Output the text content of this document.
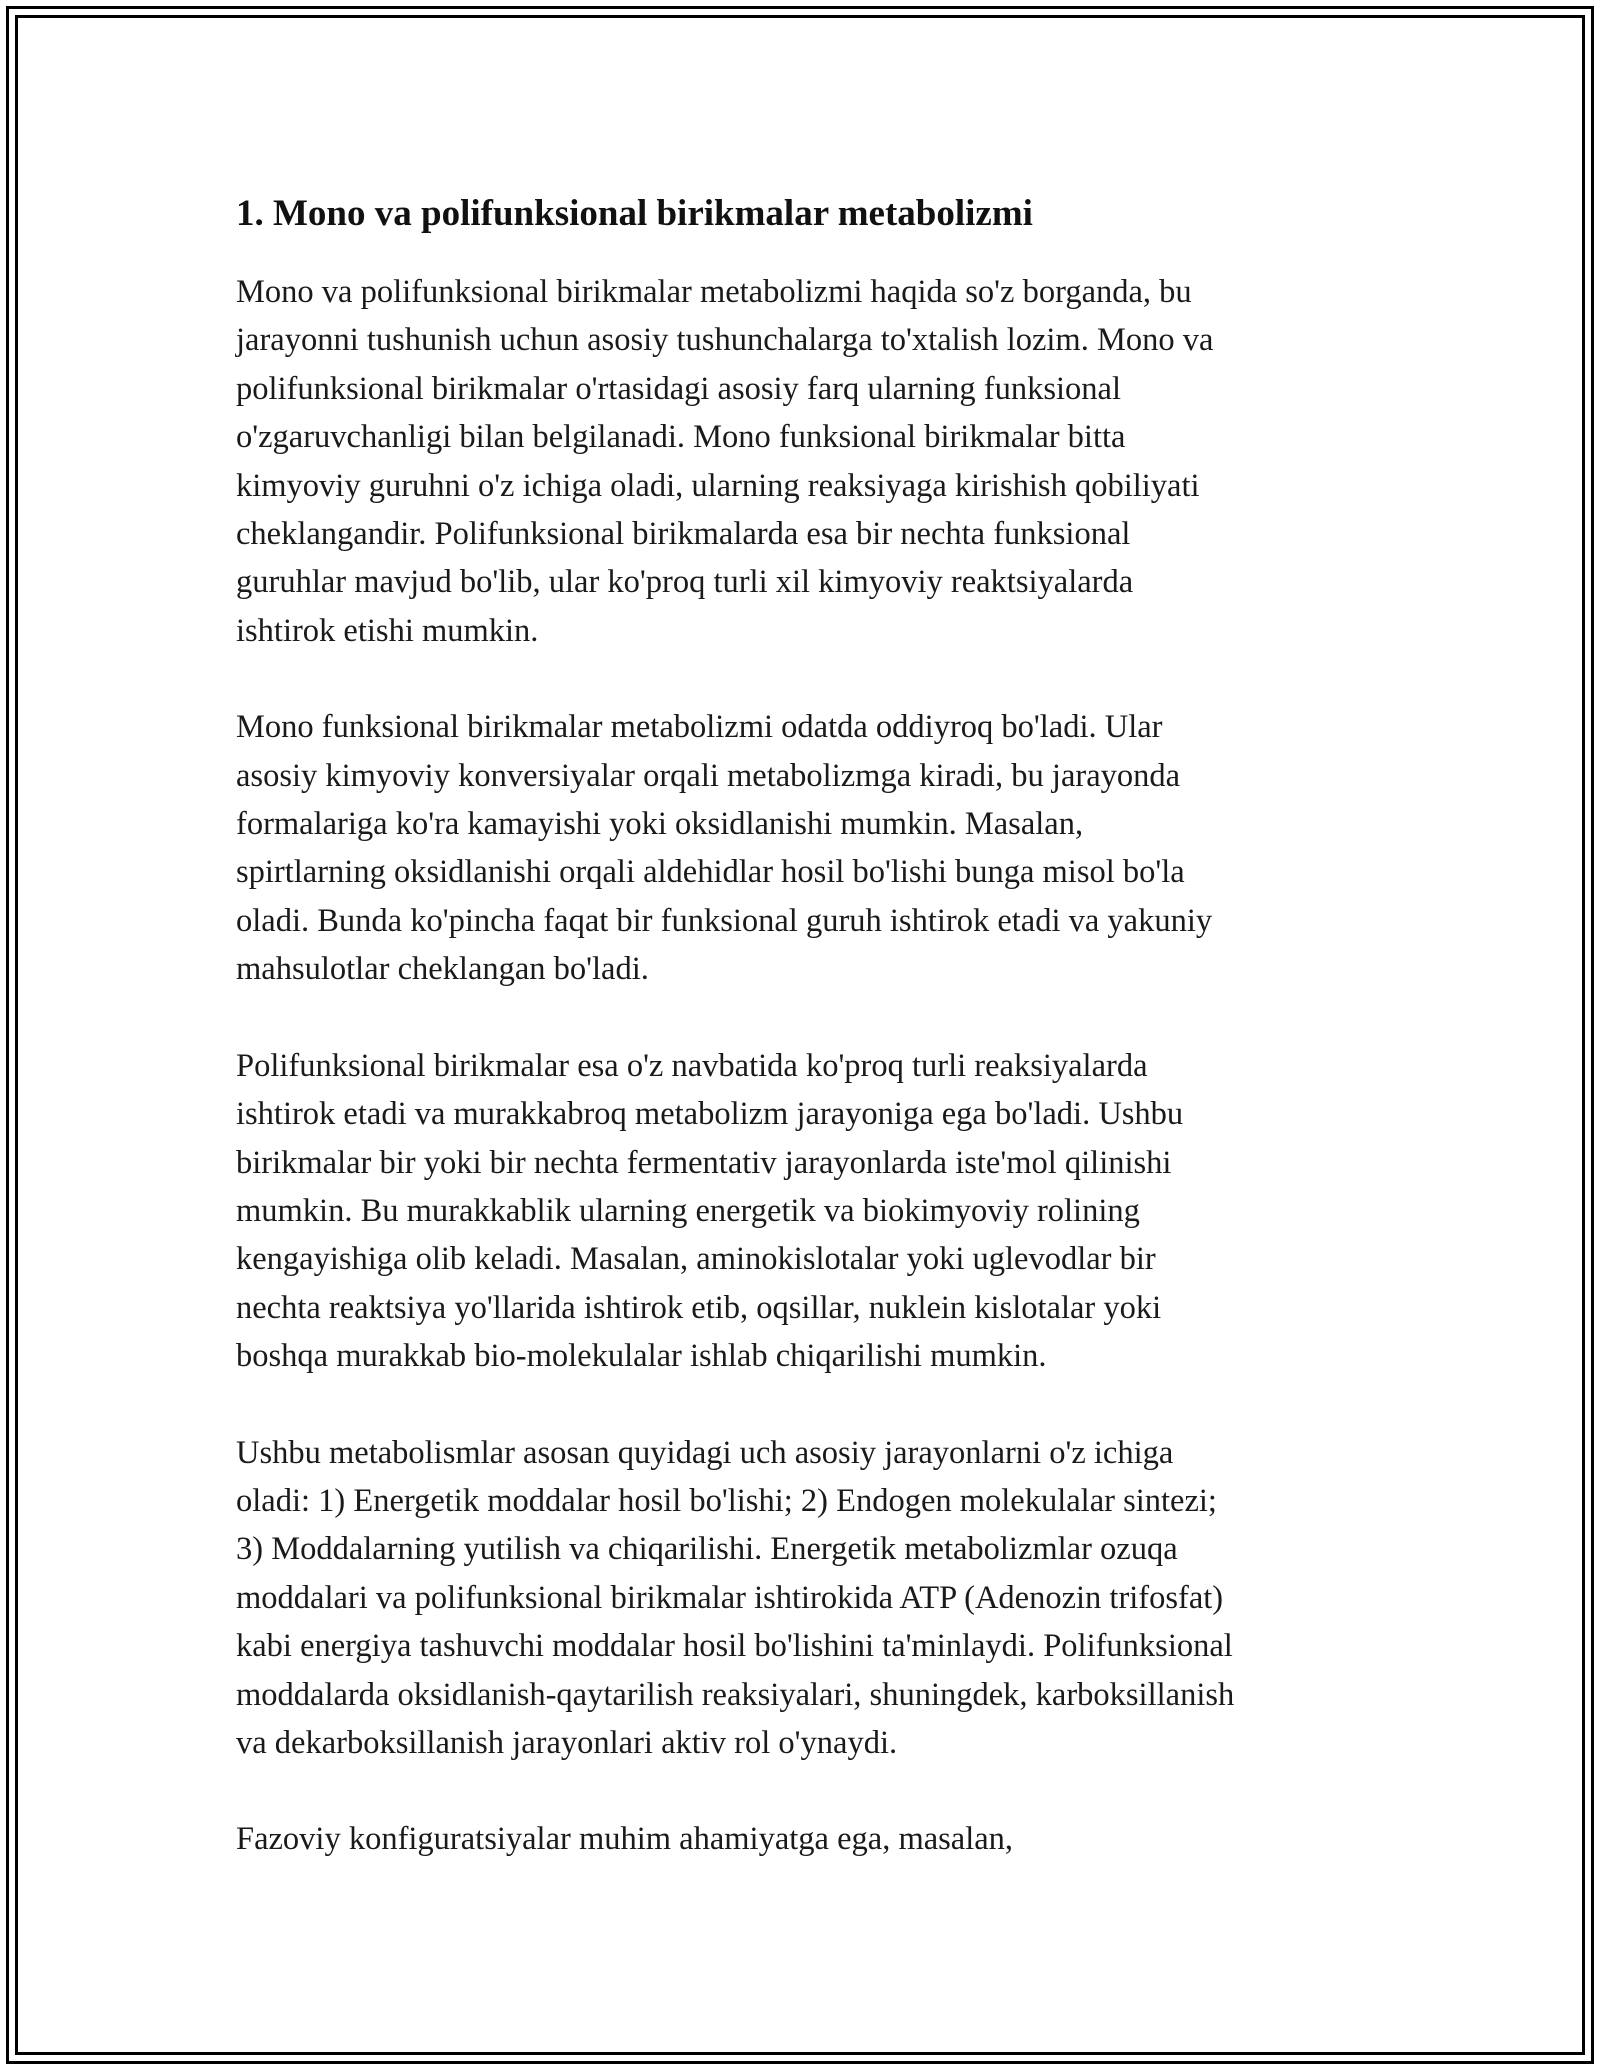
1. Mono va polifunksional birikmalar metabolizmi

Mono va polifunksional birikmalar metabolizmi haqida so'z borganda, bu
jarayonni tushunish uchun asosiy tushunchalarga to'xtalish lozim. Mono va
polifunksional birikmalar o'rtasidagi asosiy farq ularning funksional
o'zgaruvchanligi bilan belgilanadi. Mono funksional birikmalar bitta
kimyoviy guruhni o'z ichiga oladi, ularning reaksiyaga kirishish qobiliyati
cheklangandir. Polifunksional birikmalarda esa bir nechta funksional
guruhlar mavjud bo'lib, ular ko'proq turli xil kimyoviy reaktsiyalarda
ishtirok etishi mumkin.

Mono funksional birikmalar metabolizmi odatda oddiyroq bo'ladi. Ular
asosiy kimyoviy konversiyalar orqali metabolizmga kiradi, bu jarayonda
formalariga ko'ra kamayishi yoki oksidlanishi mumkin. Masalan,
spirtlarning oksidlanishi orqali aldehidlar hosil bo'lishi bunga misol bo'la
oladi. Bunda ko'pincha faqat bir funksional guruh ishtirok etadi va yakuniy
mahsulotlar cheklangan bo'ladi.

Polifunksional birikmalar esa o'z navbatida ko'proq turli reaksiyalarda
ishtirok etadi va murakkabroq metabolizm jarayoniga ega bo'ladi. Ushbu
birikmalar bir yoki bir nechta fermentativ jarayonlarda iste'mol qilinishi
mumkin. Bu murakkablik ularning energetik va biokimyoviy rolining
kengayishiga olib keladi. Masalan, aminokislotalar yoki uglevodlar bir
nechta reaktsiya yo'llarida ishtirok etib, oqsillar, nuklein kislotalar yoki
boshqa murakkab bio-molekulalar ishlab chiqarilishi mumkin.

Ushbu metabolismlar asosan quyidagi uch asosiy jarayonlarni o'z ichiga
oladi: 1) Energetik moddalar hosil bo'lishi; 2) Endogen molekulalar sintezi;
3) Moddalarning yutilish va chiqarilishi. Energetik metabolizmlar ozuqa
moddalari va polifunksional birikmalar ishtirokida ATP (Adenozin trifosfat)
kabi energiya tashuvchi moddalar hosil bo'lishini ta'minlaydi. Polifunksional
moddalarda oksidlanish-qaytarilish reaksiyalari, shuningdek, karboksillanish
va dekarboksillanish jarayonlari aktiv rol o'ynaydi.

Fazoviy konfiguratsiyalar muhim ahamiyatga ega, masalan,
